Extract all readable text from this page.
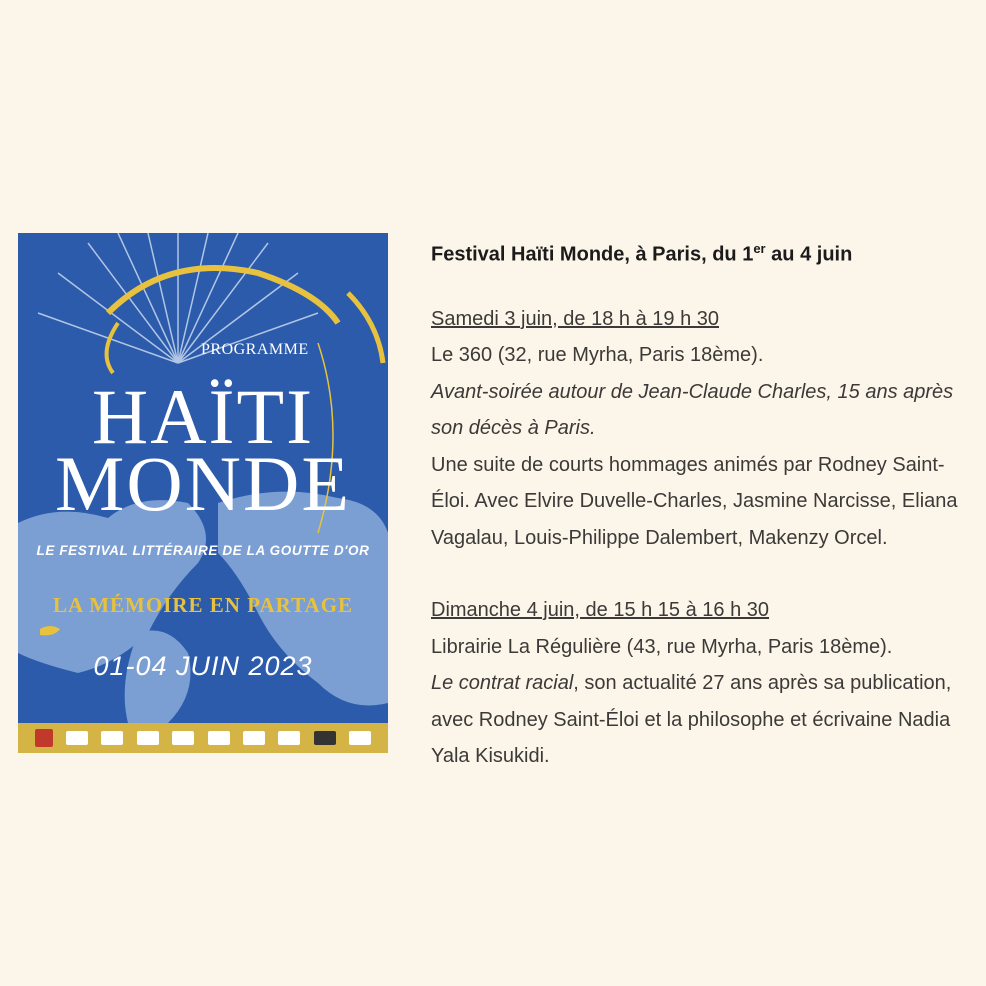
PROGRAMME
HAÏTI
MONDE
LE FESTIVAL LITTÉRAIRE DE LA GOUTTE D'OR
LA MÉMOIRE EN PARTAGE
01-04 JUIN 2023

Festival Haïti Monde, à Paris, du 1er au 4 juin

Samedi 3 juin, de 18 h à 19 h 30
Le 360 (32, rue Myrha, Paris 18ème).
Avant-soirée autour de Jean-Claude Charles, 15 ans après son décès à Paris.
Une suite de courts hommages animés par Rodney Saint-Éloi. Avec Elvire Duvelle-Charles, Jasmine Narcisse, Eliana Vagalau, Louis-Philippe Dalembert, Makenzy Orcel.

Dimanche 4 juin, de 15 h 15 à 16 h 30
Librairie La Régulière (43, rue Myrha, Paris 18ème).
Le contrat racial, son actualité 27 ans après sa publication, avec Rodney Saint-Éloi et la philosophe et écrivaine Nadia Yala Kisukidi.
